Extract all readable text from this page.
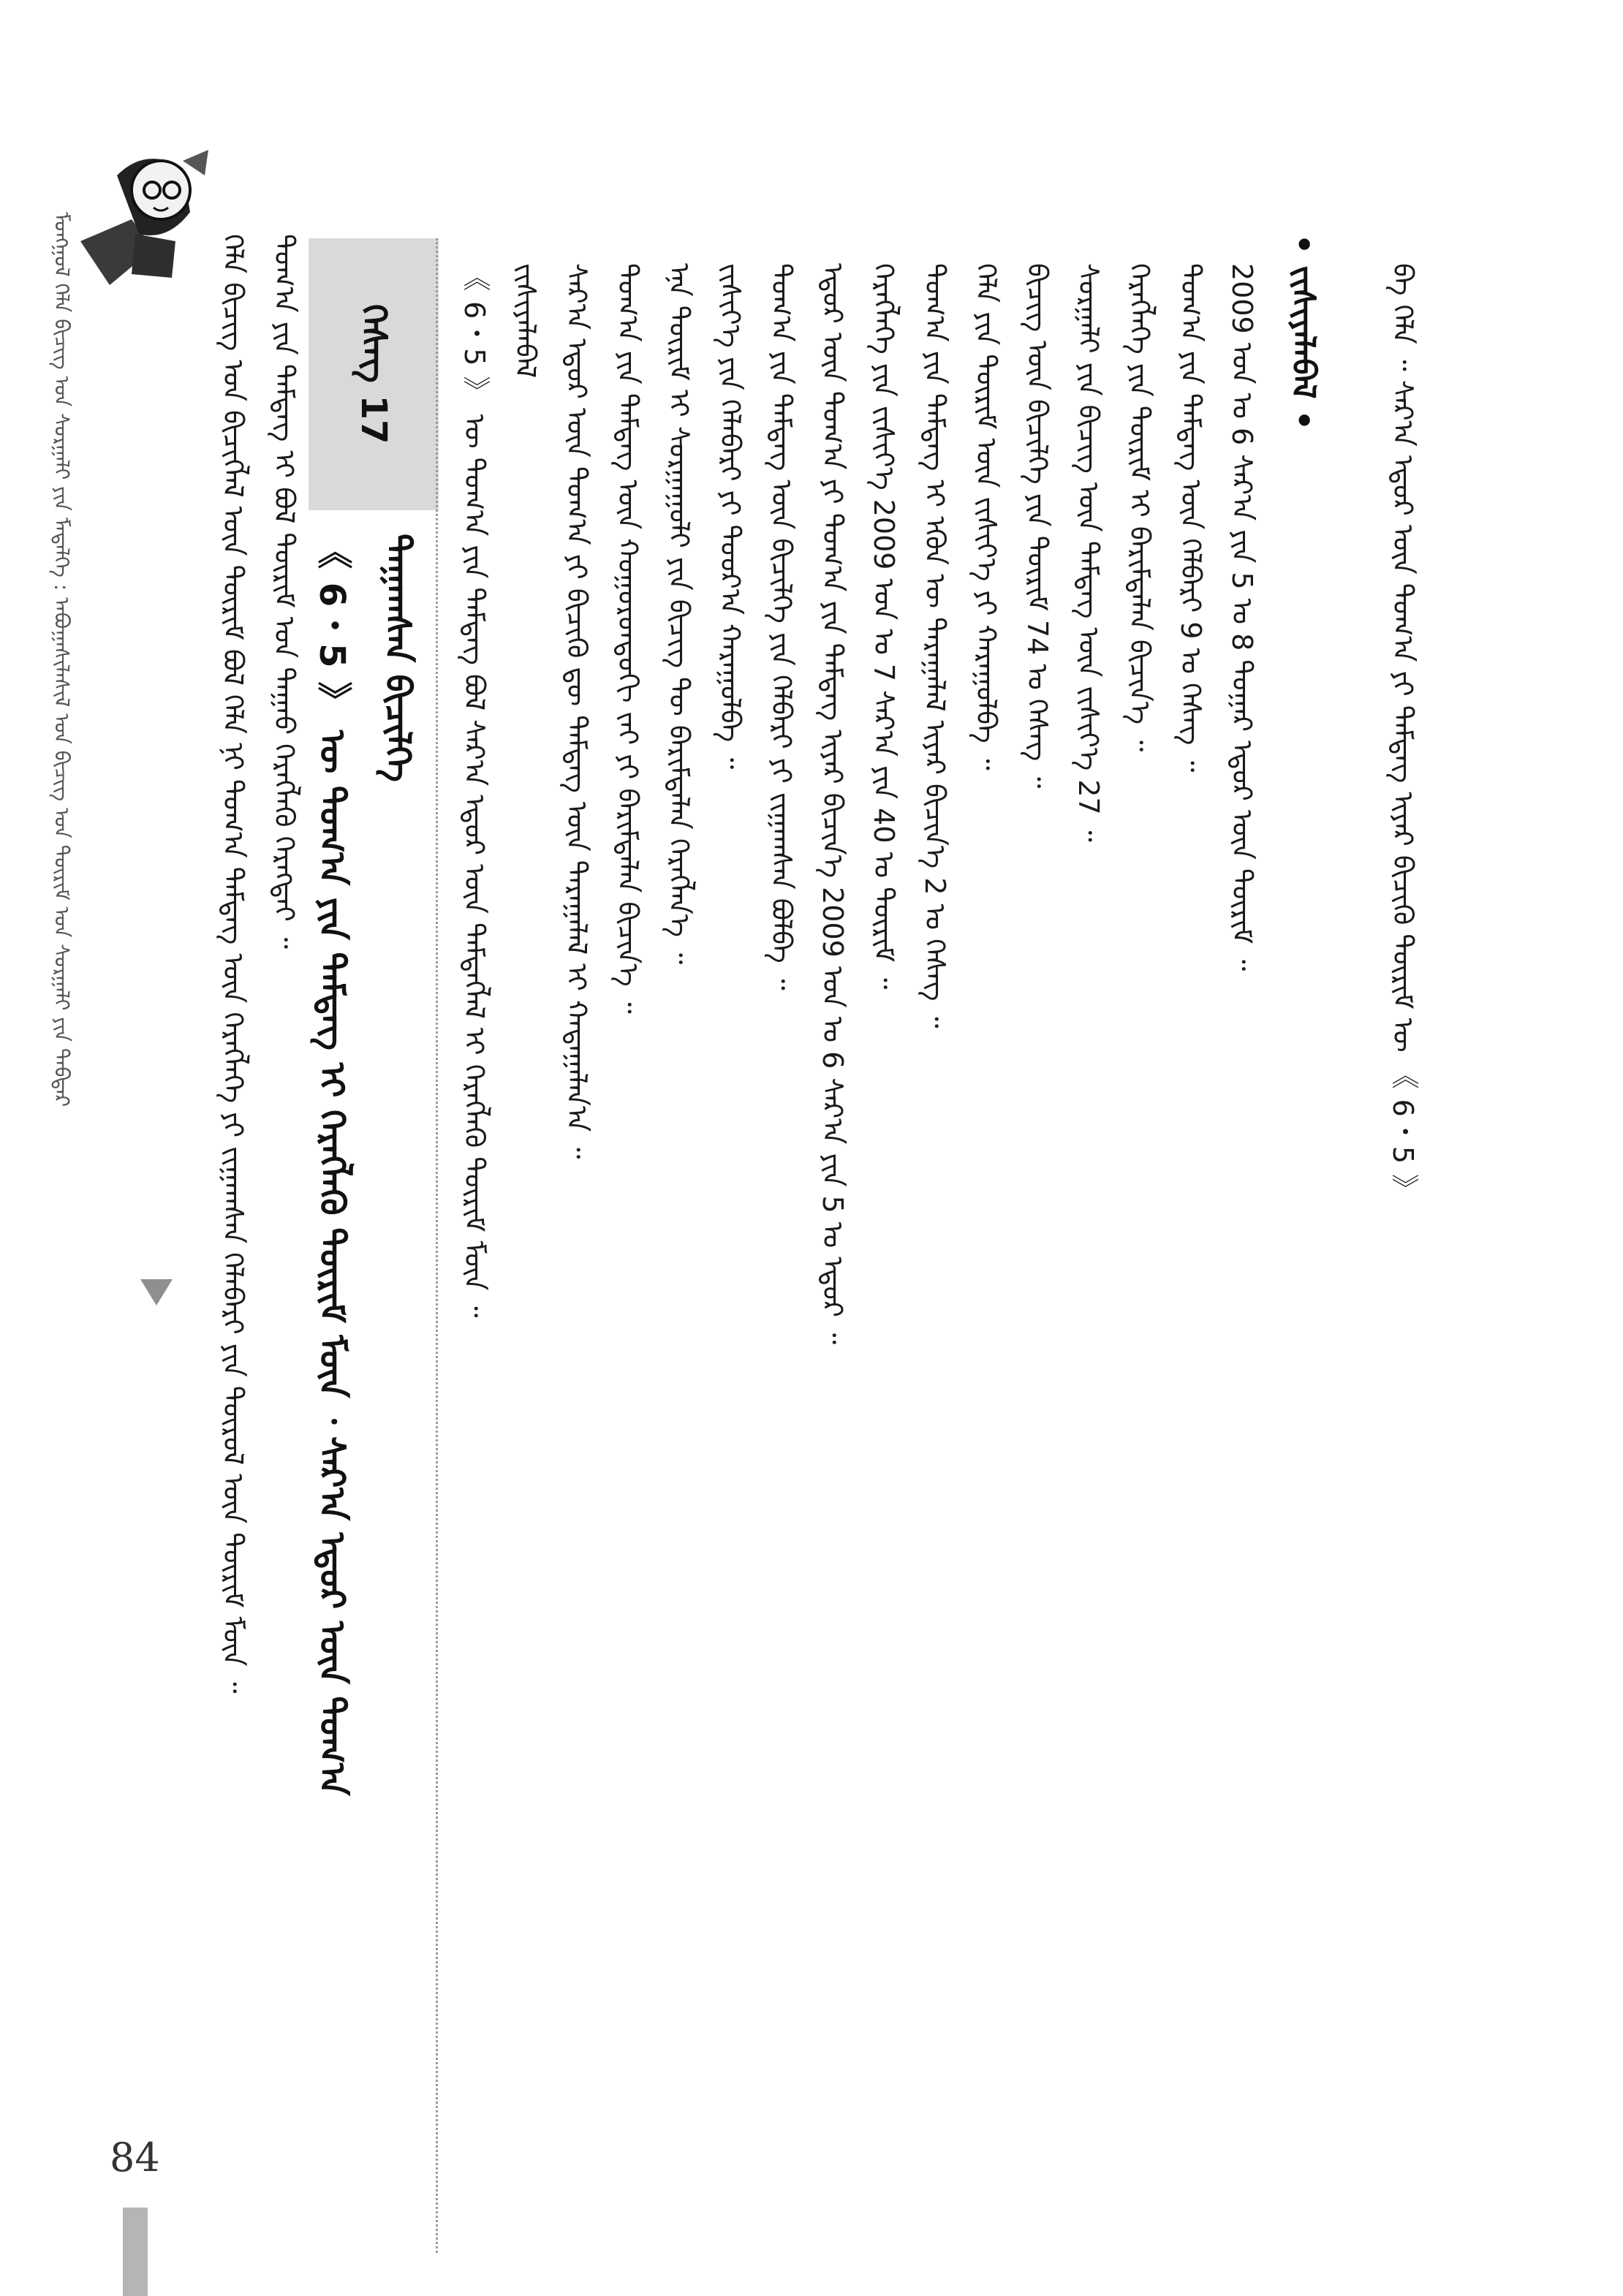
ᠮᠣᠩᠭᠣᠯ ᠬᠡᠯᠡ ᠪᠢᠴᠢᠭ ᠤᠨ ᠰᠤᠷᠭᠠᠯᠢ ᠶᠢᠨ ᠮᠡᠳᠡᠯᠭᠡ : ᠠᠪᠤᠭᠠᠰᠢᠯᠠᠰᠢᠯ ᠤᠨ ᠪᠢᠴᠢᠭ ᠤᠨ ᠳᠦᠷᠢᠮ ᠤᠨ ᠰᠤᠷᠭᠠᠯᠢ ᠶᠢᠨ ᠳᠡᠪᠲᠡᠷ	ᠬᠡᠯᠡ ᠪᠢᠴᠢᠭ ᠤᠨ ᠪᠢᠴᠢᠭᠯᠡᠯ ᠦᠨ ᠳᠦᠷᠢᠮ ᠪᠣᠯ ᠬᠡᠯᠡ ᠨᠢ ᠲᠣᠭ᠎ᠠ ᠳᠡᠮᠳᠡᠭ ᠦᠨ ᠬᠡᠷᠡᠭᠯᠡᠭᠡ ᠶᠢ ᠵᠢᠭᠠᠭᠰᠠᠨ ᠬᠡᠯᠡᠪᠡᠷᠢ ᠶᠢᠨ ᠲᠦᠷᠦᠯ ᠦᠨ ᠳᠦᠷᠢᠮ ᠮᠥᠨ ᠃ ᠲᠣᠭ᠎ᠠ ᠶᠢᠨ ᠳᠡᠮᠳᠡᠭ ᠢ ᠪᠣᠯ ᠳᠦᠷᠢᠮ ᠤᠨ ᠳᠠᠭᠠᠤ ᠬᠡᠷᠡᠭᠯᠡᠬᠦ ᠬᠡᠷᠡᠭᠲᠡᠢ ᠃	ᠬᠡᠰᠡᠭ 17
《 6・5 》 ᠦ ᠲᠣᠭ᠎ᠠ ᠶᠢᠨ ᠳᠡᠮᠳᠡᠭ ᠢ ᠬᠡᠷᠡᠭᠯᠡᠬᠦ ᠳᠦᠷᠢᠮ ᠮᠥᠨ ᠂ ᠰᠠᠷ᠎ᠠ ᠡᠳᠦᠷ ᠦᠨ ᠲᠣᠭ᠎ᠠ ᠳᠠᠭᠠᠭᠰᠠᠨ ᠪᠢᠴᠢᠯᠭᠡ 《 6・5 》 ᠦ ᠲᠣᠭ᠎ᠠ ᠶᠢᠨ ᠳᠡᠮᠳᠡᠭ ᠪᠣᠯ ᠰᠠᠷ᠎ᠠ ᠡᠳᠦᠷ ᠦᠨ ᠳᠡᠮᠳᠡᠭᠯᠡᠯ ᠢ ᠬᠡᠷᠡᠭᠯᠡᠬᠦ ᠳᠦᠷᠢᠮ ᠮᠥᠨ ᠃ ᠵᠢᠱᠢᠶᠡᠯᠡᠪᠡᠯ ᠰᠠᠷ᠎ᠠ ᠡᠳᠦᠷ ᠦᠨ ᠲᠣᠭ᠎ᠠ ᠶᠢ ᠪᠢᠴᠢᠬᠦ ᠳᠦ ᠳᠡᠮᠳᠡᠭ ᠦᠨ ᠳᠠᠷᠠᠭᠠᠯᠠᠯ ᠢ ᠬᠠᠳᠠᠭᠠᠯᠠᠨ᠎ᠠ ᠃ ᠲᠣᠭ᠎ᠠ ᠶᠢᠨ ᠳᠡᠮᠳᠡᠭ ᠦᠨ ᠬᠣᠭᠣᠷᠣᠨᠳᠣᠬᠢ ᠵᠠᠢ ᠶᠢ ᠪᠠᠷᠢᠮᠲᠠᠯᠠᠨ ᠪᠢᠴᠢᠨ᠎ᠡ ᠃ ᠡᠨᠡ ᠳᠦᠷᠢᠮ ᠢ ᠰᠤᠷᠭᠠᠭᠤᠯᠢ ᠶᠢᠨ ᠪᠢᠴᠢᠭ ᠲᠦ ᠪᠠᠷᠢᠮᠲᠠᠯᠠᠨ ᠬᠡᠷᠡᠭᠯᠡᠨ᠎ᠡ ᠃ ᠵᠢᠱᠢᠶ᠎ᠡ ᠶᠢᠨ ᠬᠡᠯᠡᠪᠡᠷᠢ ᠶᠢ ᠳᠣᠣᠷ᠎ᠠ ᠬᠠᠷᠠᠭᠤᠯᠪᠠ ᠃ ᠲᠣᠭ᠎ᠠ ᠶᠢᠨ ᠳᠡᠮᠳᠡᠭ ᠦᠨ ᠪᠢᠴᠢᠯᠭᠡ ᠶᠢᠨ ᠬᠡᠯᠪᠡᠷᠢ ᠶᠢ ᠵᠢᠭᠠᠭᠰᠠᠨ ᠪᠣᠯᠪᠠ ᠃ ᠡᠳᠦᠷ ᠦᠨ ᠲᠣᠭ᠎ᠠ ᠶᠢ ᠲᠣᠭ᠎ᠠ ᠶᠢᠨ ᠳᠡᠮᠳᠡᠭ ᠢᠶᠡᠷ ᠪᠢᠴᠢᠨ᠎ᠡ 2009 ᠣᠨ ᠤ 6 ᠰᠠᠷ᠎ᠠ ᠶᠢᠨ 5 ᠤ ᠡᠳᠦᠷ ᠃ ᠬᠡᠷᠡᠭᠯᠡᠭᠡ ᠶᠢᠨ ᠵᠢᠱᠢᠶ᠎ᠡ 2009 ᠣᠨ ᠤ 7 ᠰᠠᠷ᠎ᠠ ᠶᠢᠨ 40 ᠤ ᠳᠦᠷᠢᠮ ᠃ ᠲᠣᠭ᠎ᠠ ᠶᠢᠨ ᠳᠡᠮᠳᠡᠭ ᠢ ᠡᠭᠦᠨ ᠦ ᠳᠠᠷᠠᠭᠠᠯᠠᠯ ᠢᠶᠠᠷ ᠪᠢᠴᠢᠨ᠎ᠡ 2 ᠤ ᠬᠡᠰᠡᠭ ᠃ ᠬᠡᠯᠡ ᠶᠢᠨ ᠳᠦᠷᠢᠮ ᠦᠨ ᠵᠢᠱᠢᠶ᠎ᠡ ᠶᠢ ᠬᠠᠷᠠᠭᠤᠯᠪᠠ ᠃ ᠪᠢᠴᠢᠭ ᠦᠨ ᠪᠢᠴᠢᠯᠭᠡ ᠶᠢᠨ ᠳᠦᠷᠢᠮ 74 ᠤ ᠬᠡᠰᠡᠭ ᠃ ᠰᠤᠷᠭᠠᠯᠢ ᠶᠢᠨ ᠪᠢᠴᠢᠭ ᠦᠨ ᠳᠡᠮᠳᠡᠭ ᠦᠨ ᠵᠢᠱᠢᠶ᠎ᠡ 27 ᠃ ᠬᠡᠷᠡᠭᠯᠡᠭᠡ ᠶᠢᠨ ᠳᠦᠷᠢᠮ ᠢ ᠪᠠᠷᠢᠮᠲᠠᠯᠠᠨ ᠪᠢᠴᠢᠨ᠎ᠡ ᠃ ᠲᠣᠭ᠎ᠠ ᠶᠢᠨ ᠳᠡᠮᠳᠡᠭ ᠦᠨ ᠬᠡᠯᠪᠡᠷᠢ 9 ᠤ ᠬᠡᠰᠡᠭ ᠃ 2009 ᠣᠨ ᠤ 6 ᠰᠠᠷ᠎ᠠ ᠶᠢᠨ 5 ᠤ 8 ᠳᠤᠭᠠᠷ ᠡᠳᠦᠷ ᠦᠨ ᠳᠦᠷᠢᠮ ᠃ • ᠵᠢᠱᠢᠶᠡᠯᠡᠪᠡᠯ • ᠪᠠ ᠬᠡᠯᠡ ᠃ ᠰᠠᠷ᠎ᠠ ᠡᠳᠦᠷ ᠦᠨ ᠲᠣᠭ᠎ᠠ ᠶᠢ ᠳᠡᠮᠳᠡᠭ ᠢᠶᠡᠷ ᠪᠢᠴᠢᠬᠦ ᠳᠦᠷᠢᠮ ᠦ 《 6・5 》
84
